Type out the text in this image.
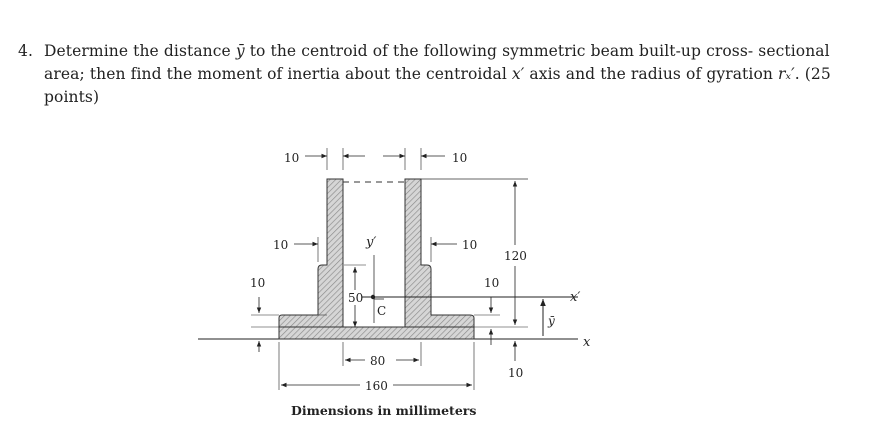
4. Determine the distance ȳ to the centroid of the following symmetric beam built-up cross- sectional area; then find the moment of inertia about the centroidal x′ axis and the radius of gyration rₓ′. (25 points)
10	10
10	10
y′
50
C
120
10
10
10
ȳ
x′
x
80
160
Dimensions in millimeters
